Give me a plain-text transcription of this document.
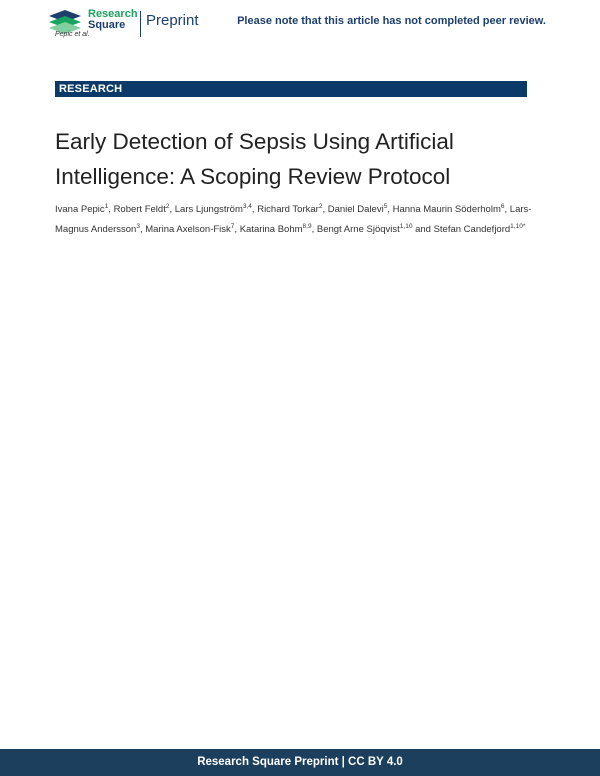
Research
Square	Preprint
Pepic et al.
Please note that this article has not completed peer review.
RESEARCH
Early Detection of Sepsis Using Artificial
Intelligence: A Scoping Review Protocol
Ivana Pepic$^1$, Robert Feldt$^2$, Lars Ljungström$^{3,4}$, Richard Torkar$^2$, Daniel Dalevi$^5$, Hanna Maurin Söderholm$^6$, Lars-Magnus Andersson$^3$, Marina Axelson-Fisk$^7$, Katarina Bohm$^{8,9}$, Bengt Arne Sjöqvist$^{1,10}$ and Stefan Candefjord$^{1,10*}$
Research Square Preprint | CC BY 4.0
